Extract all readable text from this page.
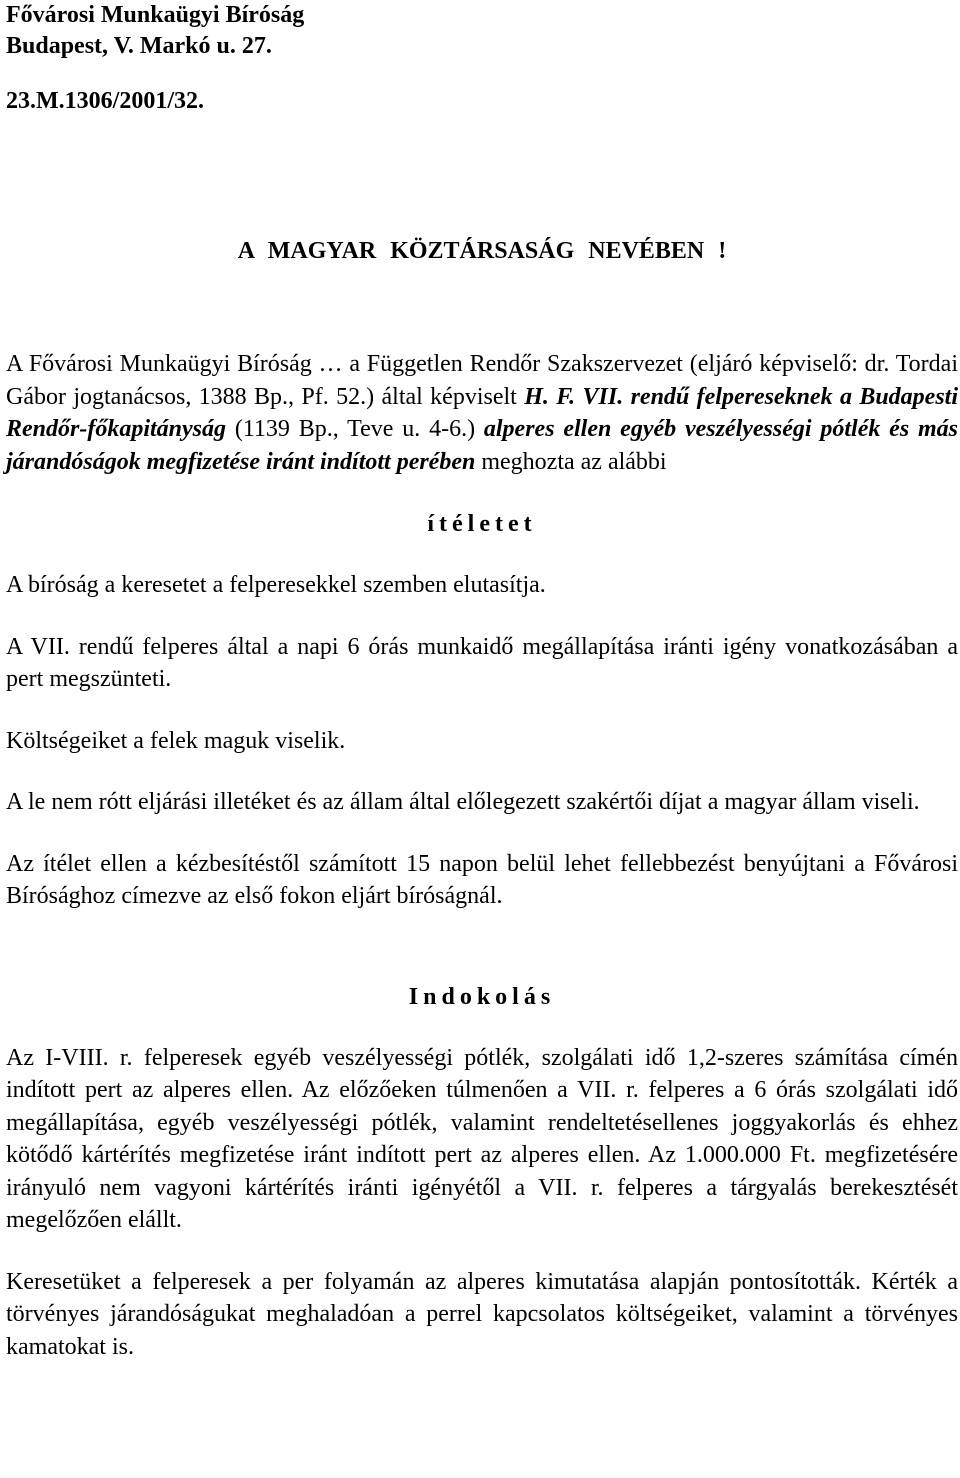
Fővárosi Munkaügyi Bíróság
Budapest, V. Markó u. 27.
23.M.1306/2001/32.
A MAGYAR KÖZTÁRSASÁG NEVÉBEN !

A Fővárosi Munkaügyi Bíróság … a Független Rendőr Szakszervezet (eljáró képviselő: dr. Tordai Gábor jogtanácsos, 1388 Bp., Pf. 52.) által képviselt H. F. VII. rendű felpereseknek a Budapesti Rendőr-főkapitányság (1139 Bp., Teve u. 4-6.) alperes ellen egyéb veszélyességi pótlék és más járandóságok megfizetése iránt indított perében meghozta az alábbi

ítéletet

A bíróság a keresetet a felperesekkel szemben elutasítja.

A VII. rendű felperes által a napi 6 órás munkaidő megállapítása iránti igény vonatkozásában a pert megszünteti.

Költségeiket a felek maguk viselik.

A le nem rótt eljárási illetéket és az állam által előlegezett szakértői díjat a magyar állam viseli.

Az ítélet ellen a kézbesítéstől számított 15 napon belül lehet fellebbezést benyújtani a Fővárosi Bírósághoz címezve az első fokon eljárt bíróságnál.

Indokolás

Az I-VIII. r. felperesek egyéb veszélyességi pótlék, szolgálati idő 1,2-szeres számítása címén indított pert az alperes ellen. Az előzőeken túlmenően a VII. r. felperes a 6 órás szolgálati idő megállapítása, egyéb veszélyességi pótlék, valamint rendeltetésellenes joggyakorlás és ehhez kötődő kártérítés megfizetése iránt indított pert az alperes ellen. Az 1.000.000 Ft. megfizetésére irányuló nem vagyoni kártérítés iránti igényétől a VII. r. felperes a tárgyalás berekesztését megelőzően elállt.

Keresetüket a felperesek a per folyamán az alperes kimutatása alapján pontosították. Kérték a törvényes járandóságukat meghaladóan a perrel kapcsolatos költségeiket, valamint a törvényes kamatokat is.
